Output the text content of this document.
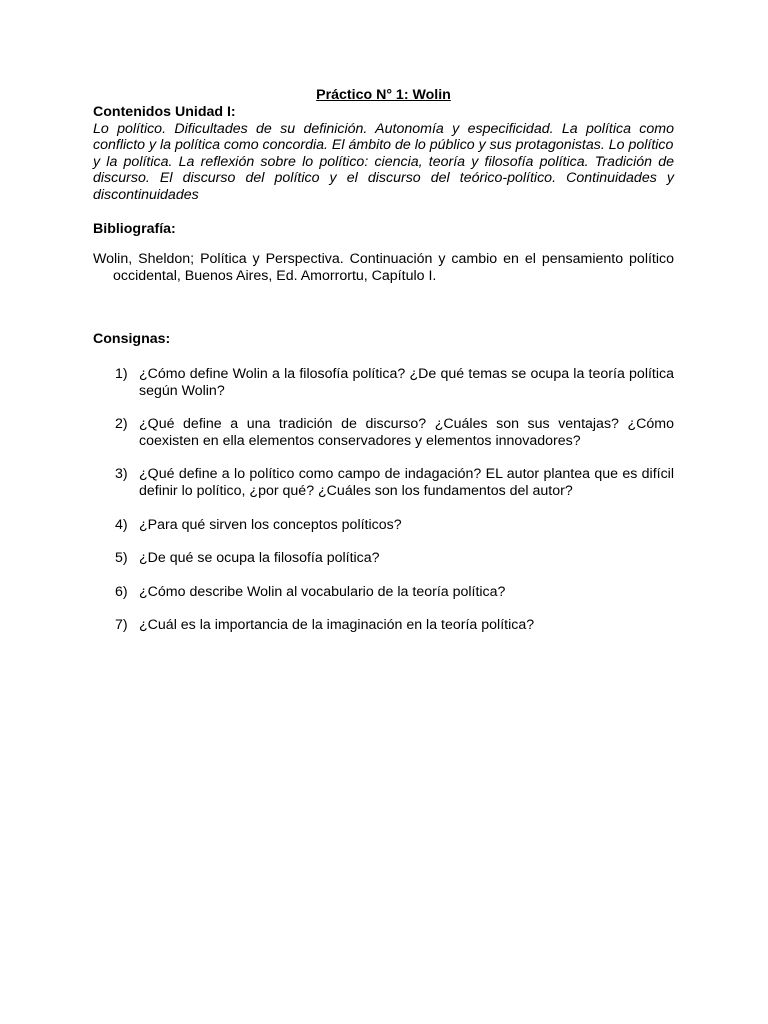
Práctico N° 1: Wolin

Contenidos Unidad I:

Lo político. Dificultades de su definición. Autonomía y especificidad. La política como conflicto y la política como concordia. El ámbito de lo público y sus protagonistas. Lo político
y la política. La reflexión sobre lo político: ciencia, teoría y filosofía política. Tradición de discurso. El discurso del político y el discurso del teórico-político. Continuidades y discontinuidades

Bibliografía:

Wolin, Sheldon; Política y Perspectiva. Continuación y cambio en el pensamiento político occidental, Buenos Aires, Ed. Amorrortu, Capítulo I.

Consignas:

1) ¿Cómo define Wolin a la filosofía política? ¿De qué temas se ocupa la teoría política según Wolin?
2) ¿Qué define a una tradición de discurso? ¿Cuáles son sus ventajas? ¿Cómo coexisten en ella elementos conservadores y elementos innovadores?
3) ¿Qué define a lo político como campo de indagación? EL autor plantea que es difícil definir lo político, ¿por qué? ¿Cuáles son los fundamentos del autor?
4) ¿Para qué sirven los conceptos políticos?
5) ¿De qué se ocupa la filosofía política?
6) ¿Cómo describe Wolin al vocabulario de la teoría política?
7) ¿Cuál es la importancia de la imaginación en la teoría política?
